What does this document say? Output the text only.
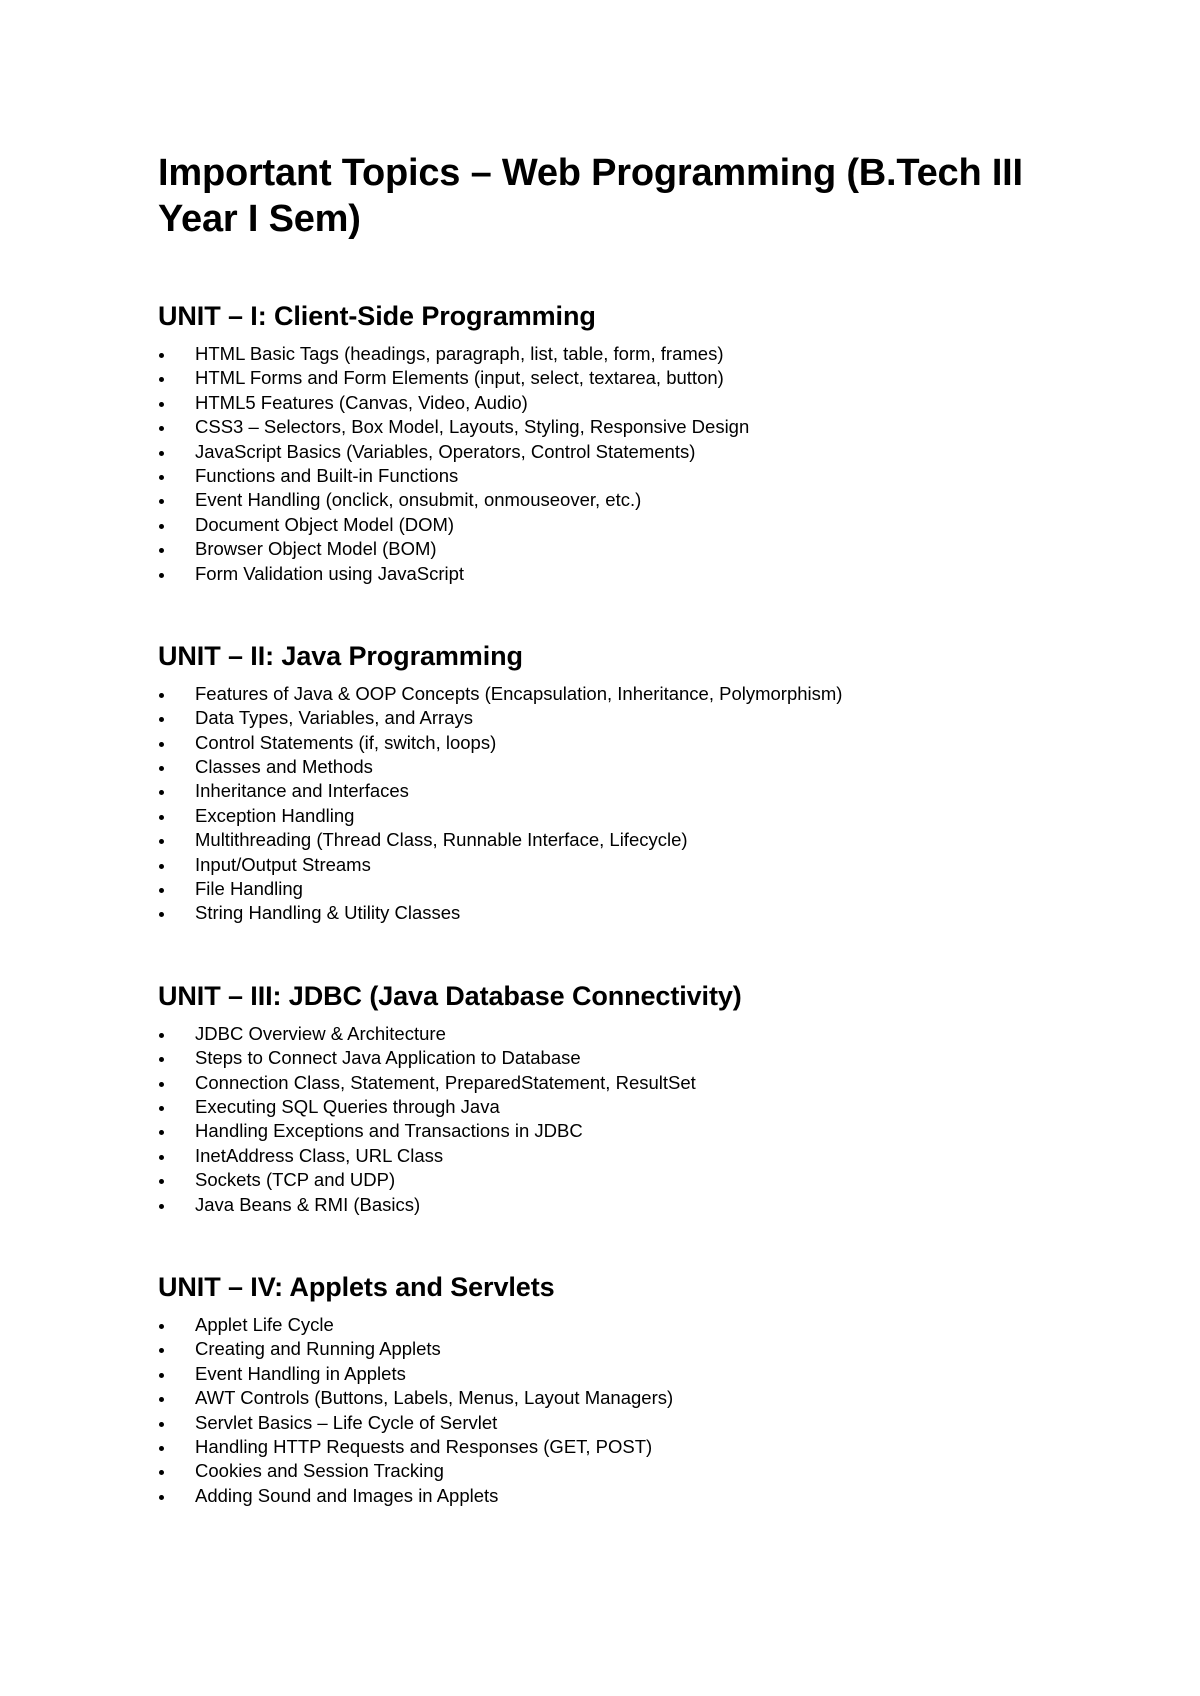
Important Topics – Web Programming (B.Tech III Year I Sem)
UNIT – I: Client-Side Programming
HTML Basic Tags (headings, paragraph, list, table, form, frames)
HTML Forms and Form Elements (input, select, textarea, button)
HTML5 Features (Canvas, Video, Audio)
CSS3 – Selectors, Box Model, Layouts, Styling, Responsive Design
JavaScript Basics (Variables, Operators, Control Statements)
Functions and Built-in Functions
Event Handling (onclick, onsubmit, onmouseover, etc.)
Document Object Model (DOM)
Browser Object Model (BOM)
Form Validation using JavaScript
UNIT – II: Java Programming
Features of Java & OOP Concepts (Encapsulation, Inheritance, Polymorphism)
Data Types, Variables, and Arrays
Control Statements (if, switch, loops)
Classes and Methods
Inheritance and Interfaces
Exception Handling
Multithreading (Thread Class, Runnable Interface, Lifecycle)
Input/Output Streams
File Handling
String Handling & Utility Classes
UNIT – III: JDBC (Java Database Connectivity)
JDBC Overview & Architecture
Steps to Connect Java Application to Database
Connection Class, Statement, PreparedStatement, ResultSet
Executing SQL Queries through Java
Handling Exceptions and Transactions in JDBC
InetAddress Class, URL Class
Sockets (TCP and UDP)
Java Beans & RMI (Basics)
UNIT – IV: Applets and Servlets
Applet Life Cycle
Creating and Running Applets
Event Handling in Applets
AWT Controls (Buttons, Labels, Menus, Layout Managers)
Servlet Basics – Life Cycle of Servlet
Handling HTTP Requests and Responses (GET, POST)
Cookies and Session Tracking
Adding Sound and Images in Applets
